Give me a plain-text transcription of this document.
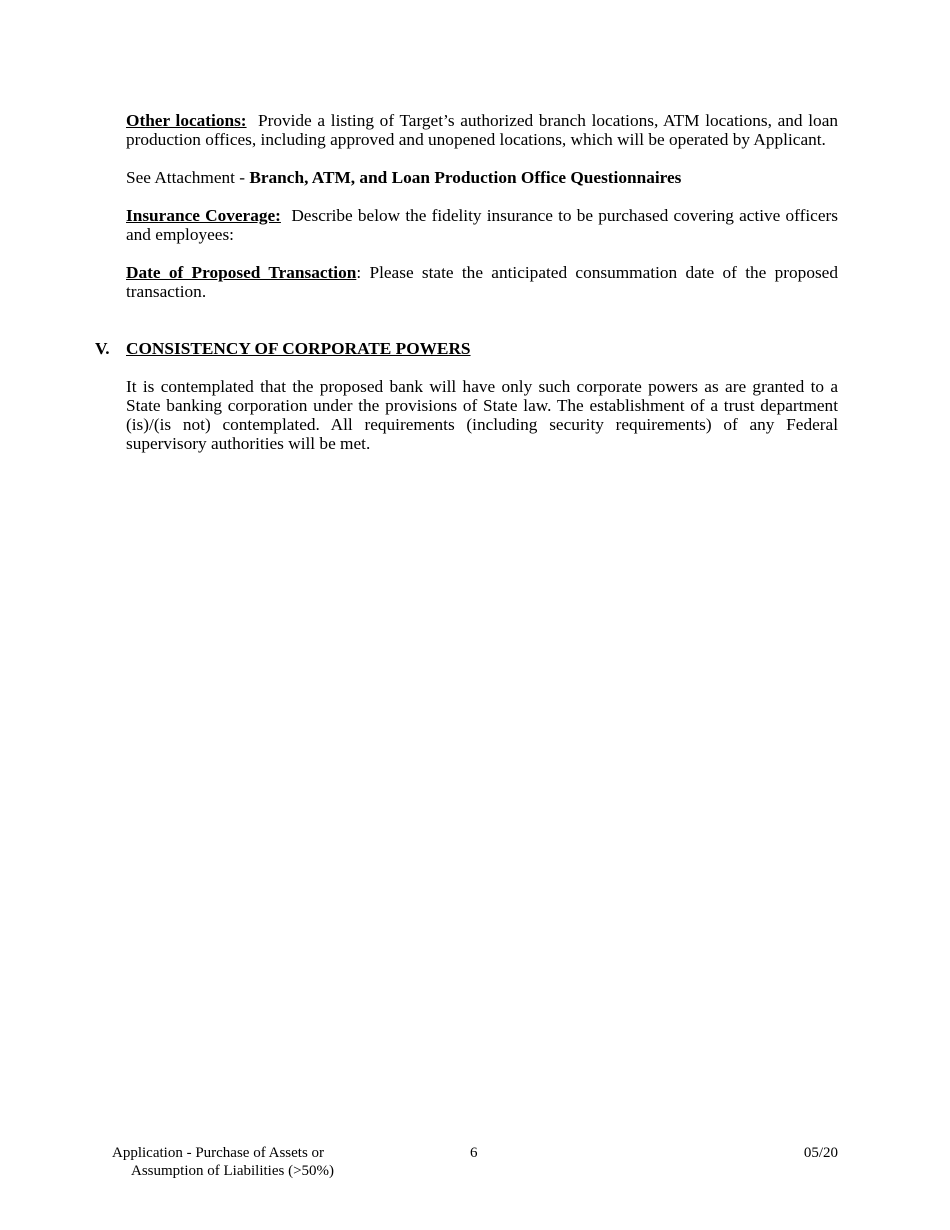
Other locations: Provide a listing of Target’s authorized branch locations, ATM locations, and loan production offices, including approved and unopened locations, which will be operated by Applicant.

See Attachment - Branch, ATM, and Loan Production Office Questionnaires

Insurance Coverage: Describe below the fidelity insurance to be purchased covering active officers and employees:

Date of Proposed Transaction: Please state the anticipated consummation date of the proposed transaction.

V. CONSISTENCY OF CORPORATE POWERS

It is contemplated that the proposed bank will have only such corporate powers as are granted to a State banking corporation under the provisions of State law. The establishment of a trust department (is)/(is not) contemplated. All requirements (including security requirements) of any Federal supervisory authorities will be met.

Application - Purchase of Assets or
Assumption of Liabilities (>50%)
6	05/20
